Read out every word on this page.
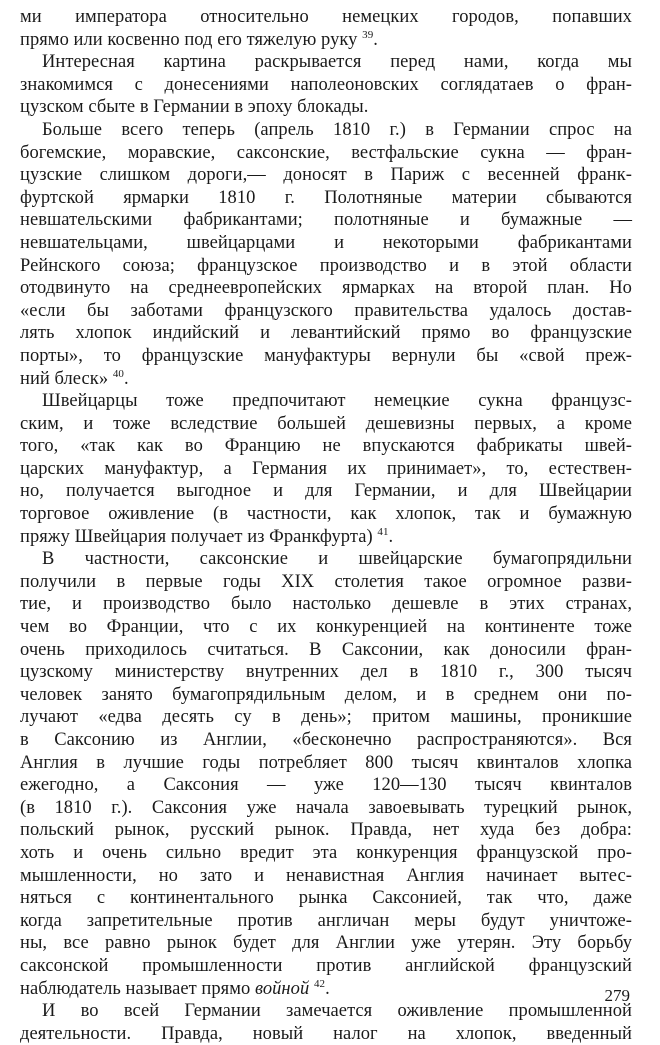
ми императора относительно немецких городов, попавших
прямо или косвенно под его тяжелую руку $^{39}$.
Интересная картина раскрывается перед нами, когда мы
знакомимся с донесениями наполеоновских соглядатаев о фран-
цузском сбыте в Германии в эпоху блокады.
Больше всего теперь (апрель 1810 г.) в Германии спрос на
богемские, моравские, саксонские, вестфальские сукна — фран-
цузские слишком дороги,— доносят в Париж с весенней франк-
фуртской ярмарки 1810 г. Полотняные материи сбываются
невшательскими фабрикантами; полотняные и бумажные —
невшательцами, швейцарцами и некоторыми фабрикантами
Рейнского союза; французское производство и в этой области
отодвинуто на среднеевропейских ярмарках на второй план. Но
«если бы заботами французского правительства удалось достав-
лять хлопок индийский и левантийский прямо во французские
порты», то французские мануфактуры вернули бы «свой преж-
ний блеск» $^{40}$.
Швейцарцы тоже предпочитают немецкие сукна французс-
ским, и тоже вследствие большей дешевизны первых, а кроме
того, «так как во Францию не впускаются фабрикаты швей-
царских мануфактур, а Германия их принимает», то, естествен-
но, получается выгодное и для Германии, и для Швейцарии
торговое оживление (в частности, как хлопок, так и бумажную
пряжу Швейцария получает из Франкфурта) $^{41}$.
В частности, саксонские и швейцарские бумагопрядильни
получили в первые годы XIX столетия такое огромное разви-
тие, и производство было настолько дешевле в этих странах,
чем во Франции, что с их конкуренцией на континенте тоже
очень приходилось считаться. В Саксонии, как доносили фран-
цузскому министерству внутренних дел в 1810 г., 300 тысяч
человек занято бумагопрядильным делом, и в среднем они по-
лучают «едва десять су в день»; притом машины, проникшие
в Саксонию из Англии, «бесконечно распространяются». Вся
Англия в лучшие годы потребляет 800 тысяч квинталов хлопка
ежегодно, а Саксония — уже 120—130 тысяч квинталов
(в 1810 г.). Саксония уже начала завоевывать турецкий рынок,
польский рынок, русский рынок. Правда, нет худа без добра:
хоть и очень сильно вредит эта конкуренция французской про-
мышленности, но зато и ненавистная Англия начинает вытес-
няться с континентального рынка Саксонией, так что, даже
когда запретительные против англичан меры будут уничтоже-
ны, все равно рынок будет для Англии уже утерян. Эту борьбу
саксонской промышленности против английской французский
наблюдатель называет прямо войной $^{42}$.
И во всей Германии замечается оживление промышленной
деятельности. Правда, новый налог на хлопок, введенный
279
